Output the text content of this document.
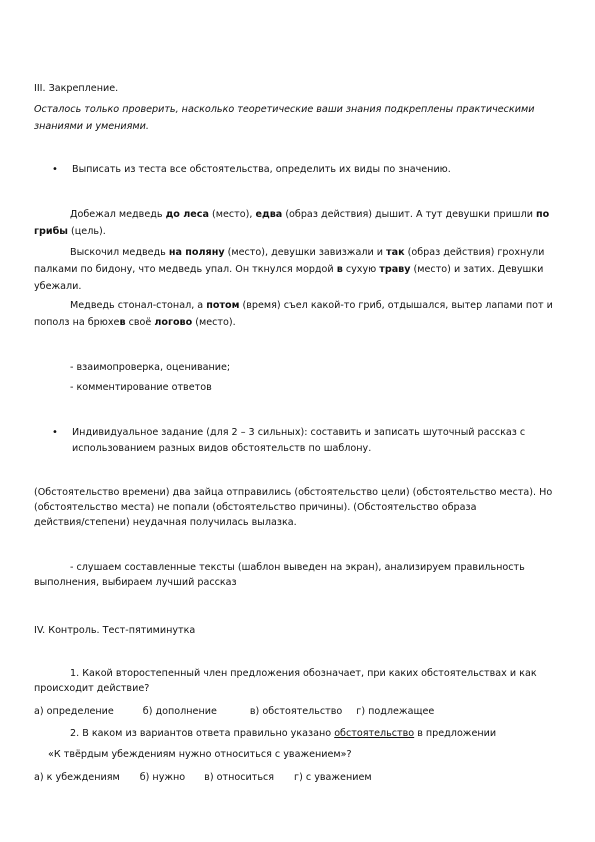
III. Закрепление.
Осталось только проверить, насколько теоретические ваши знания подкреплены практическими
знаниями и умениями.
• Выписать из теста все обстоятельства, определить их виды по значению.
Добежал медведь до леса (место), едва (образ действия) дышит. А тут девушки пришли по
грибы (цель).
Выскочил медведь на поляну (место), девушки завизжали и так (образ действия) грохнули
палками по бидону, что медведь упал. Он ткнулся мордой в сухую траву (место) и затих. Девушки
убежали.
Медведь стонал-стонал, а потом (время) съел какой-то гриб, отдышался, вытер лапами пот и
пополз на брюхев своё логово (место).
- взаимопроверка, оценивание;
- комментирование ответов
• Индивидуальное задание (для 2 – 3 сильных): составить и записать шуточный рассказ с
использованием разных видов обстоятельств по шаблону.
(Обстоятельство времени) два зайца отправились (обстоятельство цели) (обстоятельство места). Но
(обстоятельство места) не попали (обстоятельство причины). (Обстоятельство образа
действия/степени) неудачная получилась вылазка.
- слушаем составленные тексты (шаблон выведен на экран), анализируем правильность
выполнения, выбираем лучший рассказ
IV. Контроль. Тест-пятиминутка
1. Какой второстепенный член предложения обозначает, при каких обстоятельствах и как
происходит действие?
а) определение	б) дополнение	в) обстоятельство г) подлежащее
2. В каком из вариантов ответа правильно указано обстоятельство в предложении
«К твёрдым убеждениям нужно относиться с уважением»?
а) к убеждениям б) нужно в) относиться г) с уважением
